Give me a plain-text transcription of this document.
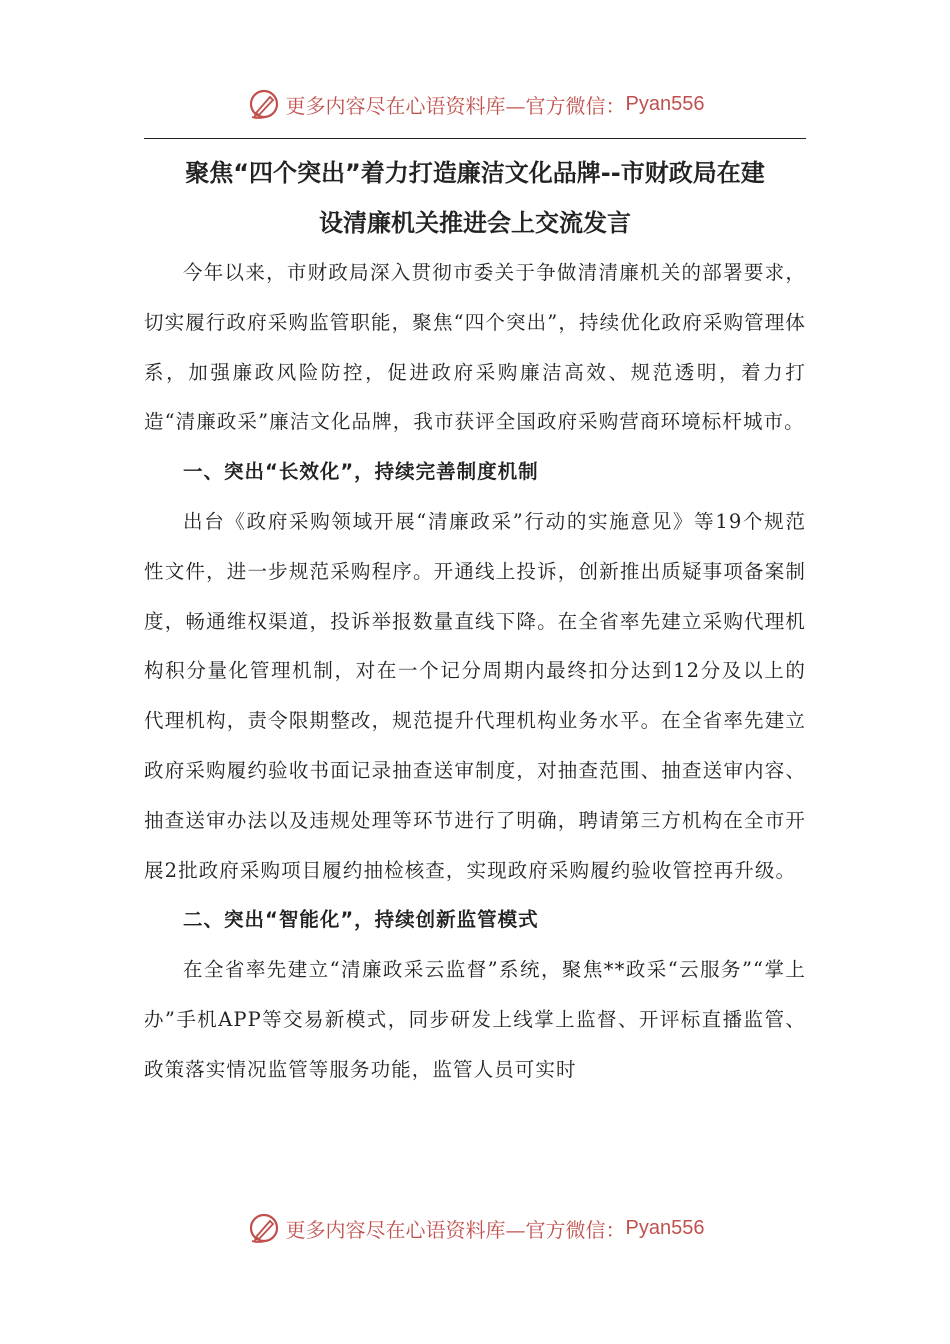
更多内容尽在心语资料库—官方微信： Pyan556
聚焦“四个突出”着力打造廉洁文化品牌--市财政局在建
设清廉机关推进会上交流发言

今年以来，市财政局深入贯彻市委关于争做清清廉机关的部署要求，切实履行政府采购监管职能，聚焦“四个突出”，持续优化政府采购管理体系，加强廉政风险防控，促进政府采购廉洁高效、规范透明，着力打造“清廉政采”廉洁文化品牌，我市获评全国政府采购营商环境标杆城市。

一、突出“长效化”，持续完善制度机制

出台《政府采购领域开展“清廉政采”行动的实施意见》等19个规范性文件，进一步规范采购程序。开通线上投诉，创新推出质疑事项备案制度，畅通维权渠道，投诉举报数量直线下降。在全省率先建立采购代理机构积分量化管理机制，对在一个记分周期内最终扣分达到12分及以上的代理机构，责令限期整改，规范提升代理机构业务水平。在全省率先建立政府采购履约验收书面记录抽查送审制度，对抽查范围、抽查送审内容、抽查送审办法以及违规处理等环节进行了明确，聘请第三方机构在全市开展2批政府采购项目履约抽检核查，实现政府采购履约验收管控再升级。

二、突出“智能化”，持续创新监管模式

在全省率先建立“清廉政采云监督”系统，聚焦**政采“云服务”“掌上办”手机APP等交易新模式，同步研发上线掌上监督、开评标直播监管、政策落实情况监管等服务功能，监管人员可实时

更多内容尽在心语资料库—官方微信： Pyan556
